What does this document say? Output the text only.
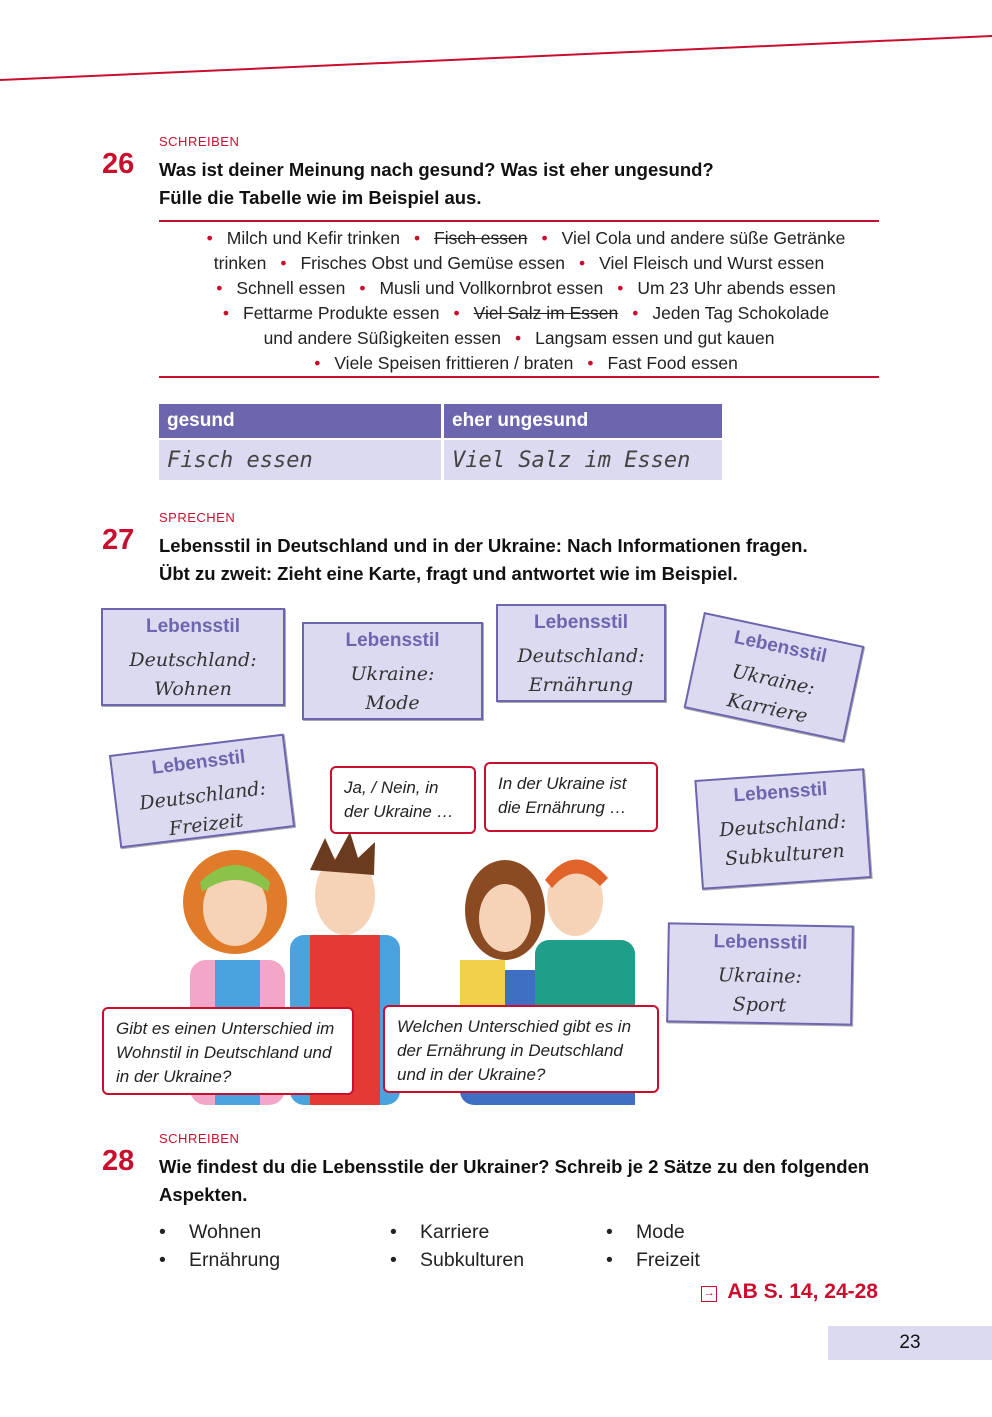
SCHREIBEN
26 Was ist deiner Meinung nach gesund? Was ist eher ungesund?
Fülle die Tabelle wie im Beispiel aus.
• Milch und Kefir trinken • Fisch essen • Viel Cola und andere süße Getränke
trinken • Frisches Obst und Gemüse essen • Viel Fleisch und Wurst essen
• Schnell essen • Musli und Vollkornbrot essen • Um 23 Uhr abends essen
• Fettarme Produkte essen • Viel Salz im Essen • Jeden Tag Schokolade
und andere Süßigkeiten essen • Langsam essen und gut kauen
• Viele Speisen frittieren / braten • Fast Food essen
gesund	eher ungesund
Fisch essen	Viel Salz im Essen
SPRECHEN
27 Lebensstil in Deutschland und in der Ukraine: Nach Informationen fragen.
Übt zu zweit: Zieht eine Karte, fragt und antwortet wie im Beispiel.
Lebensstil
Deutschland:
Wohnen
Lebensstil
Ukraine:
Mode
Lebensstil
Deutschland:
Ernährung
Lebensstil
Ukraine:
Karriere
Lebensstil
Deutschland:
Freizeit
Lebensstil
Deutschland:
Subkulturen
Lebensstil
Ukraine:
Sport
Ja, / Nein, in der Ukraine …
In der Ukraine ist die Ernährung …
Gibt es einen Unterschied im Wohnstil in Deutschland und in der Ukraine?
Welchen Unterschied gibt es in der Ernährung in Deutschland und in der Ukraine?
SCHREIBEN
28 Wie findest du die Lebensstile der Ukrainer? Schreib je 2 Sätze zu den folgenden
Aspekten.
• Wohnen
• Ernährung
• Karriere
• Subkulturen
• Mode
• Freizeit
→ AB S. 14, 24-28
23
